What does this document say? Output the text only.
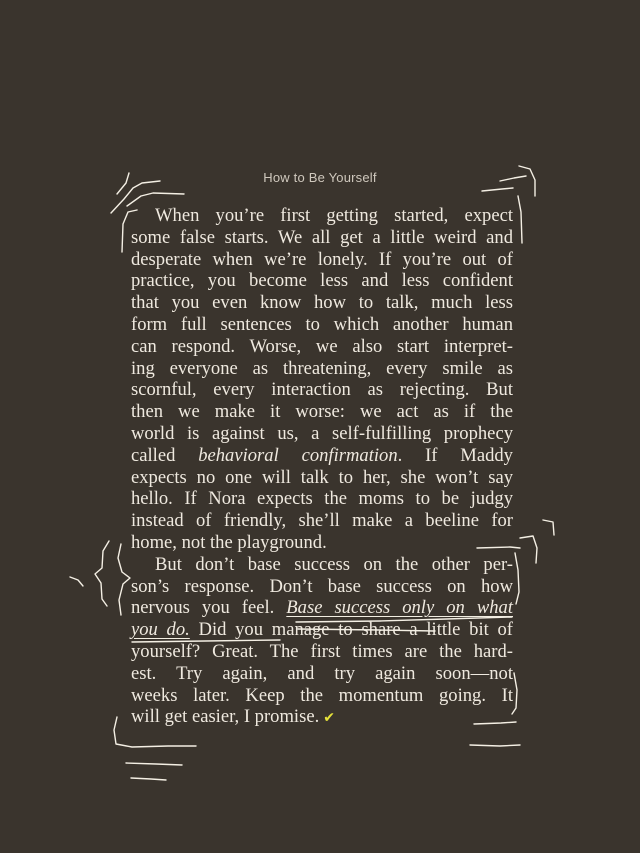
How to Be Yourself
When you’re first getting started, expect
some false starts. We all get a little weird and
desperate when we’re lonely. If you’re out of
practice, you become less and less confident
that you even know how to talk, much less
form full sentences to which another human
can respond. Worse, we also start interpret-
ing everyone as threatening, every smile as
scornful, every interaction as rejecting. But
then we make it worse: we act as if the
world is against us, a self-fulfilling prophecy
called behavioral confirmation. If Maddy
expects no one will talk to her, she won’t say
hello. If Nora expects the moms to be judgy
instead of friendly, she’ll make a beeline for
home, not the playground.
But don’t base success on the other per-
son’s response. Don’t base success on how
nervous you feel. Base success only on what
you do. Did you manage to share a little bit of
yourself? Great. The first times are the hard-
est. Try again, and try again soon—not
weeks later. Keep the momentum going. It
will get easier, I promise. ✔
